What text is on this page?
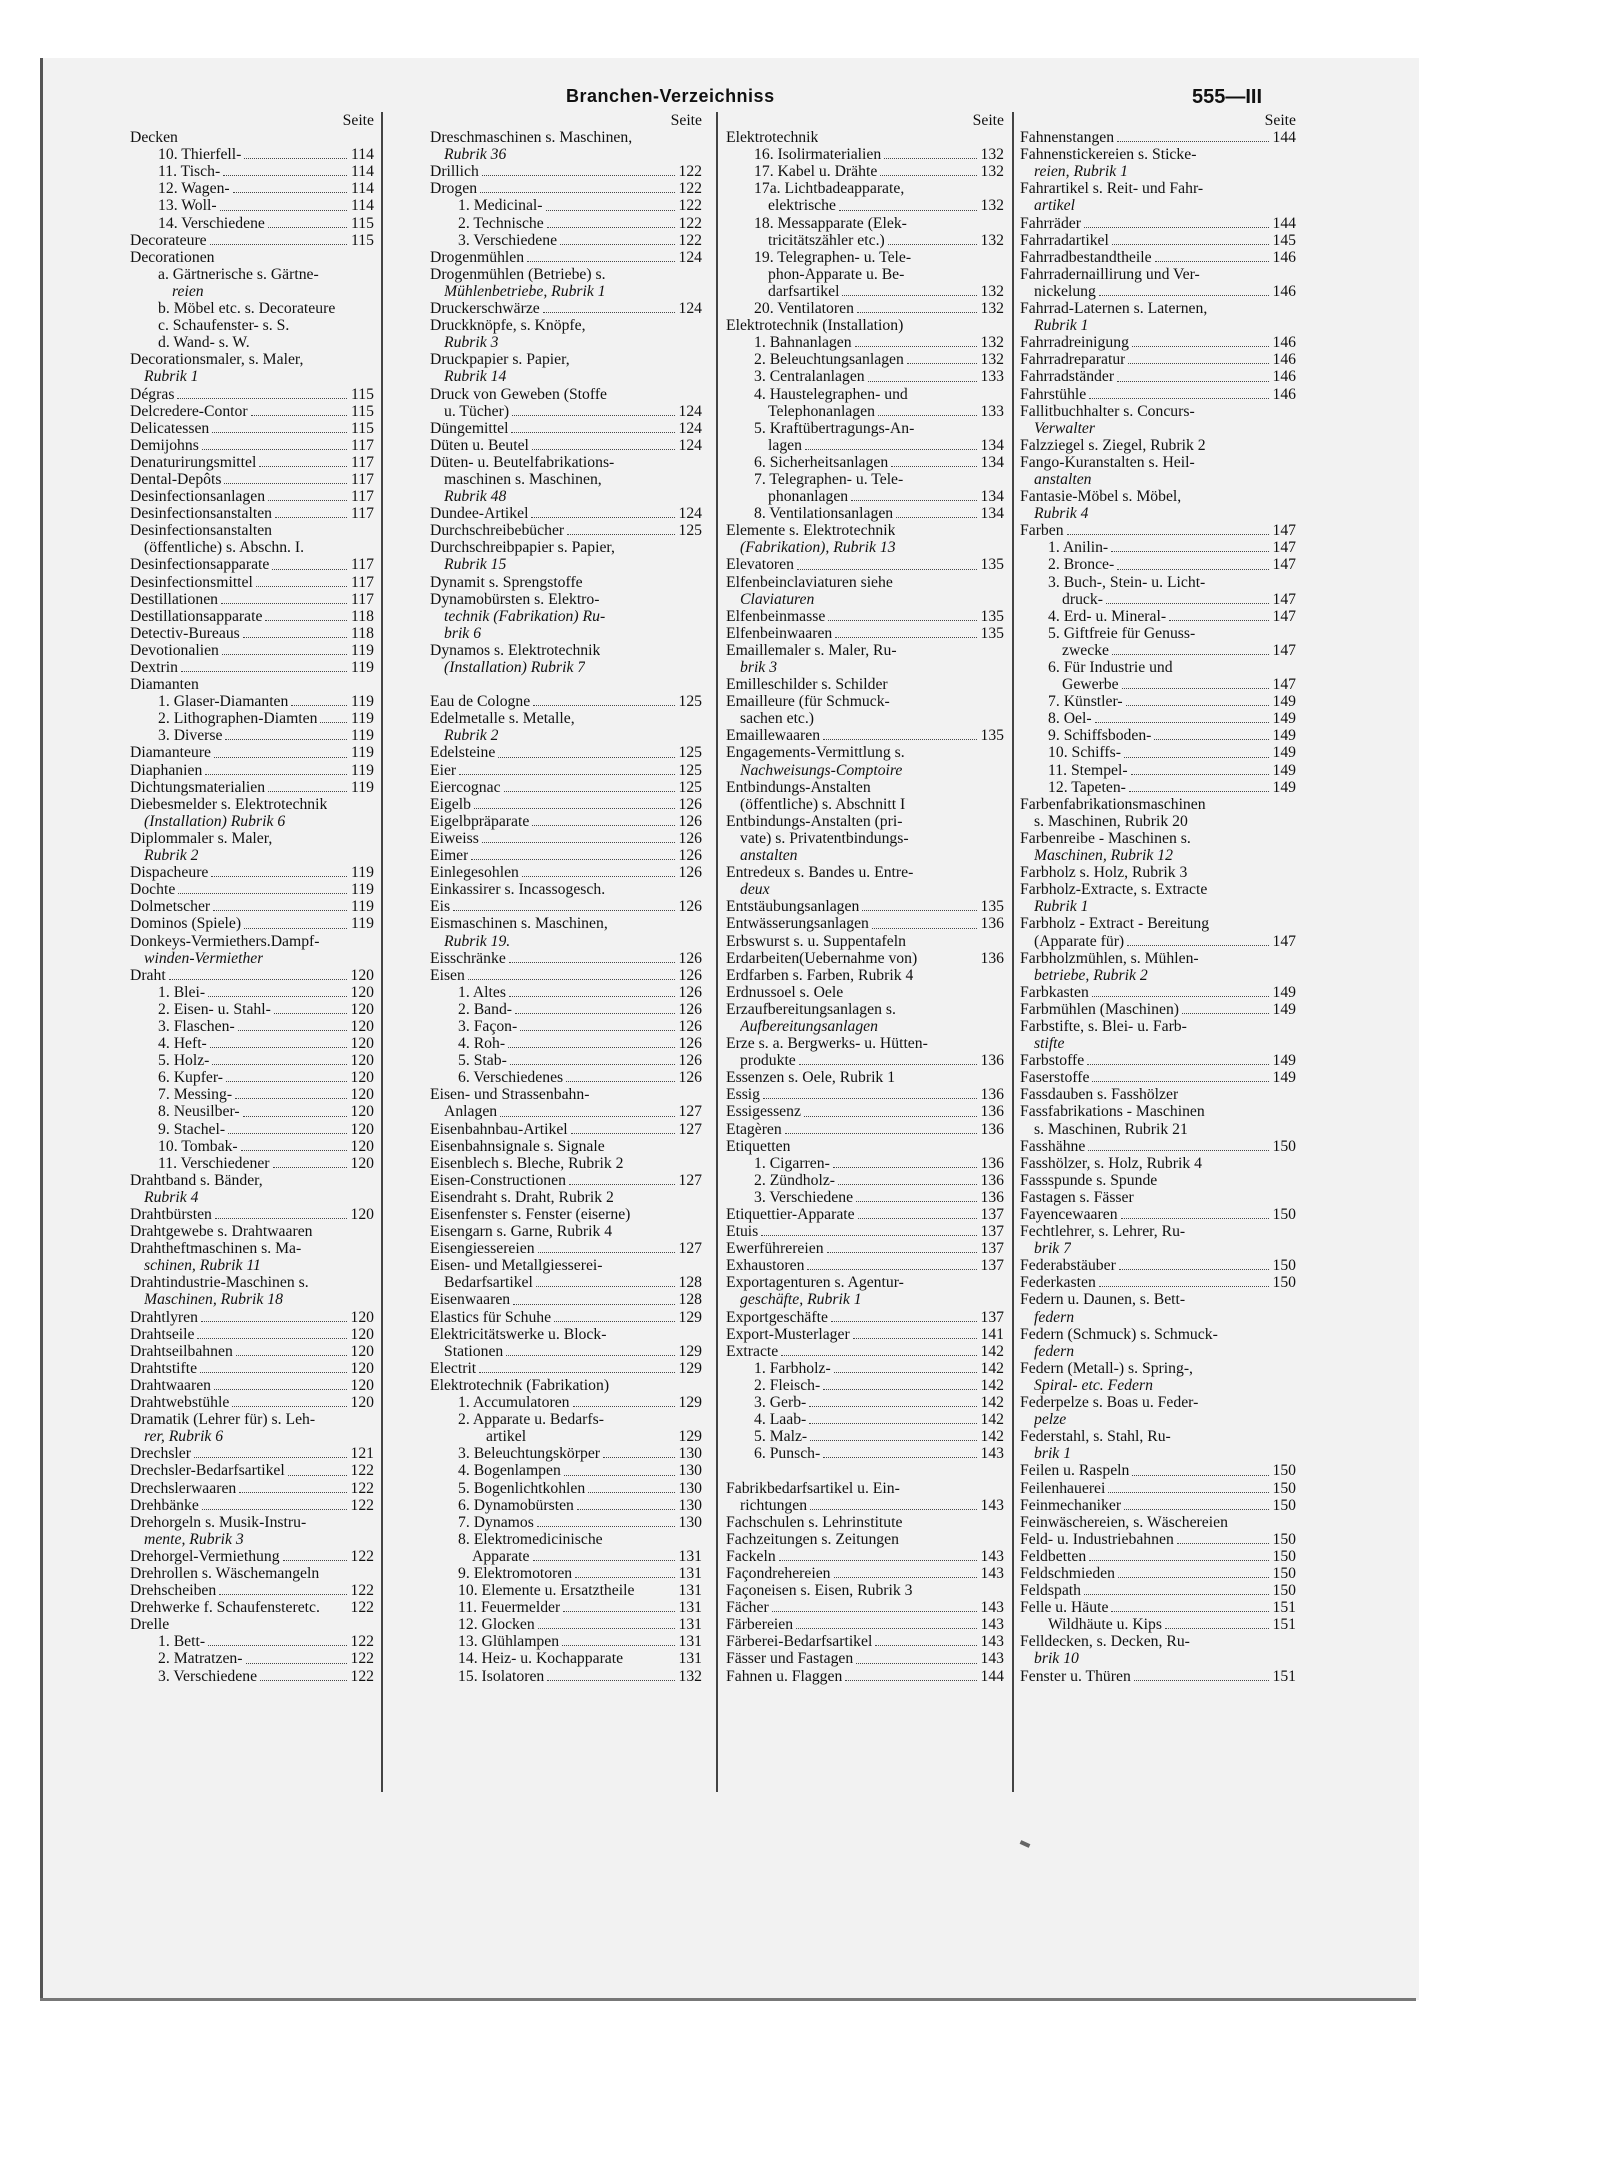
Branchen-Verzeichniss	555—III
Seite
Decken
10. Thierfell-	114
11. Tisch-	114
12. Wagen-	114
13. Woll-	114
14. Verschiedene	115
Decorateure	115
Decorationen
a. Gärtnerische s. Gärtne-
reien
b. Möbel etc. s. Decorateure
c. Schaufenster- s. S.
d. Wand- s. W.
Decorationsmaler, s. Maler,
Rubrik 1
Dégras	115
Delcredere-Contor	115
Delicatessen	115
Demijohns	117
Denaturirungsmittel	117
Dental-Depôts	117
Desinfectionsanlagen	117
Desinfectionsanstalten	117
Desinfectionsanstalten
(öffentliche) s. Abschn. I.
Desinfectionsapparate	117
Desinfectionsmittel	117
Destillationen	117
Destillationsapparate	118
Detectiv-Bureaus	118
Devotionalien	119
Dextrin	119
Diamanten
1. Glaser-Diamanten	119
2. Lithographen-Diamten 119
3. Diverse	119
Diamanteure	119
Diaphanien	119
Dichtungsmaterialien	119
Diebesmelder s. Elektrotechnik
(Installation) Rubrik 6
Diplommaler s. Maler,
Rubrik 2
Dispacheure	119
Dochte	119
Dolmetscher	119
Dominos (Spiele)	119
Donkeys-Vermiethers.Dampf-
winden-Vermiether
Draht	120
1. Blei-	120
2. Eisen- u. Stahl-	120
3. Flaschen-	120
4. Heft-	120
5. Holz-	120
6. Kupfer-	120
7. Messing-	120
8. Neusilber-	120
9. Stachel-	120
10. Tombak-	120
11. Verschiedener	120
Drahtband s. Bänder,
Rubrik 4
Drahtbürsten	120
Drahtgewebe s. Drahtwaaren
Drahtheftmaschinen s. Ma-
schinen, Rubrik 11
Drahtindustrie-Maschinen s.
Maschinen, Rubrik 18
Drahtlyren	120
Drahtseile	120
Drahtseilbahnen	120
Drahtstifte	120
Drahtwaaren	120
Drahtwebstühle	120
Dramatik (Lehrer für) s. Leh-
rer, Rubrik 6
Drechsler	121
Drechsler-Bedarfsartikel	122
Drechslerwaaren	122
Drehbänke	122
Drehorgeln s. Musik-Instru-
mente, Rubrik 3
Drehorgel-Vermiethung	122
Drehrollen s. Wäschemangeln
Drehscheiben	122
Drehwerke f. Schaufensteretc. 122
Drelle
1. Bett-	122
2. Matratzen-	122
3. Verschiedene	122
Seite
Dreschmaschinen s. Maschinen,
Rubrik 36
Drillich	122
Drogen	122
1. Medicinal-	122
2. Technische	122
3. Verschiedene	122
Drogenmühlen	124
Drogenmühlen (Betriebe) s.
Mühlenbetriebe, Rubrik 1
Druckerschwärze	124
Druckknöpfe, s. Knöpfe,
Rubrik 3
Druckpapier s. Papier,
Rubrik 14
Druck von Geweben (Stoffe
u. Tücher)	124
Düngemittel	124
Düten u. Beutel	124
Düten- u. Beutelfabrikations-
maschinen s. Maschinen,
Rubrik 48
Dundee-Artikel	124
Durchschreibebücher	125
Durchschreibpapier s. Papier,
Rubrik 15
Dynamit s. Sprengstoffe
Dynamobürsten s. Elektro-
technik (Fabrikation) Ru-
brik 6
Dynamos s. Elektrotechnik
(Installation) Rubrik 7
Eau de Cologne	125
Edelmetalle s. Metalle,
Rubrik 2
Edelsteine	125
Eier	125
Eiercognac	125
Eigelb	126
Eigelbpräparate	126
Eiweiss	126
Eimer	126
Einlegesohlen	126
Einkassirer s. Incassogesch.
Eis	126
Eismaschinen s. Maschinen,
Rubrik 19.
Eisschränke	126
Eisen	126
1. Altes	126
2. Band-	126
3. Façon-	126
4. Roh-	126
5. Stab-	126
6. Verschiedenes	126
Eisen- und Strassenbahn-
Anlagen	127
Eisenbahnbau-Artikel	127
Eisenbahnsignale s. Signale
Eisenblech s. Bleche, Rubrik 2
Eisen-Constructionen	127
Eisendraht s. Draht, Rubrik 2
Eisenfenster s. Fenster (eiserne)
Eisengarn s. Garne, Rubrik 4
Eisengiessereien	127
Eisen- und Metallgiesserei-
Bedarfsartikel	128
Eisenwaaren	128
Elastics für Schuhe	129
Elektricitätswerke u. Block-
Stationen	129
Electrit	129
Elektrotechnik (Fabrikation)
1. Accumulatoren	129
2. Apparate u. Bedarfs-
artikel	129
3. Beleuchtungskörper	130
4. Bogenlampen	130
5. Bogenlichtkohlen	130
6. Dynamobürsten	130
7. Dynamos	130
8. Elektromedicinische
Apparate	131
9. Elektromotoren	131
10. Elemente u. Ersatztheile	131
11. Feuermelder	131
12. Glocken	131
13. Glühlampen	131
14. Heiz- u. Kochapparate	131
15. Isolatoren	132
Seite
Elektrotechnik
16. Isolirmaterialien	132
17. Kabel u. Drähte	132
17a. Lichtbadeapparate,
elektrische	132
18. Messapparate (Elek-
tricitätszähler etc.)	132
19. Telegraphen- u. Tele-
phon-Apparate u. Be-
darfsartikel	132
20. Ventilatoren	132
Elektrotechnik (Installation)
1. Bahnanlagen	132
2. Beleuchtungsanlagen	132
3. Centralanlagen	133
4. Haustelegraphen- und
Telephonanlagen	133
5. Kraftübertragungs-An-
lagen	134
6. Sicherheitsanlagen	134
7. Telegraphen- u. Tele-
phonanlagen	134
8. Ventilationsanlagen	134
Elemente s. Elektrotechnik
(Fabrikation), Rubrik 13
Elevatoren	135
Elfenbeinclaviaturen siehe
Claviaturen
Elfenbeinmasse	135
Elfenbeinwaaren	135
Emaillemaler s. Maler, Ru-
brik 3
Emilleschilder s. Schilder
Emailleure (für Schmuck-
sachen etc.)
Emaillewaaren	135
Engagements-Vermittlung s.
Nachweisungs-Comptoire
Entbindungs-Anstalten
(öffentliche) s. Abschnitt I
Entbindungs-Anstalten (pri-
vate) s. Privatentbindungs-
anstalten
Entredeux s. Bandes u. Entre-
deux
Entstäubungsanlagen	135
Entwässerungsanlagen	136
Erbswurst s. u. Suppentafeln
Erdarbeiten(Uebernahme von)	136
Erdfarben s. Farben, Rubrik 4
Erdnussoel s. Oele
Erzaufbereitungsanlagen s.
Aufbereitungsanlagen
Erze s. a. Bergwerks- u. Hütten-
produkte	136
Essenzen s. Oele, Rubrik 1
Essig	136
Essigessenz	136
Etagèren	136
Etiquetten
1. Cigarren-	136
2. Zündholz-	136
3. Verschiedene	136
Etiquettier-Apparate	137
Etuis	137
Ewerführereien	137
Exhaustoren	137
Exportagenturen s. Agentur-
geschäfte, Rubrik 1
Exportgeschäfte	137
Export-Musterlager	141
Extracte	142
1. Farbholz-	142
2. Fleisch-	142
3. Gerb-	142
4. Laab-	142
5. Malz-	142
6. Punsch-	143
Fabrikbedarfsartikel u. Ein-
richtungen	143
Fachschulen s. Lehrinstitute
Fachzeitungen s. Zeitungen
Fackeln	143
Façondrehereien	143
Façoneisen s. Eisen, Rubrik 3
Fächer	143
Färbereien	143
Färberei-Bedarfsartikel	143
Fässer und Fastagen	143
Fahnen u. Flaggen	144
Seite
Fahnenstangen	144
Fahnenstickereien s. Sticke-
reien, Rubrik 1
Fahrartikel s. Reit- und Fahr-
artikel
Fahrräder	144
Fahrradartikel	145
Fahrradbestandtheile	146
Fahrradernaillirung und Ver-
nickelung	146
Fahrrad-Laternen s. Laternen,
Rubrik 1
Fahrradreinigung	146
Fahrradreparatur	146
Fahrradständer	146
Fahrstühle	146
Fallitbuchhalter s. Concurs-
Verwalter
Falzziegel s. Ziegel, Rubrik 2
Fango-Kuranstalten s. Heil-
anstalten
Fantasie-Möbel s. Möbel,
Rubrik 4
Farben	147
1. Anilin-	147
2. Bronce-	147
3. Buch-, Stein- u. Licht-
druck-	147
4. Erd- u. Mineral-	147
5. Giftfreie für Genuss-
zwecke	147
6. Für Industrie und
Gewerbe	147
7. Künstler-	149
8. Oel-	149
9. Schiffsboden-	149
10. Schiffs-	149
11. Stempel-	149
12. Tapeten-	149
Farbenfabrikationsmaschinen
s. Maschinen, Rubrik 20
Farbenreibe - Maschinen s.
Maschinen, Rubrik 12
Farbholz s. Holz, Rubrik 3
Farbholz-Extracte, s. Extracte
Rubrik 1
Farbholz - Extract - Bereitung
(Apparate für)	147
Farbholzmühlen, s. Mühlen-
betriebe, Rubrik 2
Farbkasten	149
Farbmühlen (Maschinen)	149
Farbstifte, s. Blei- u. Farb-
stifte
Farbstoffe	149
Faserstoffe	149
Fassdauben s. Fasshölzer
Fassfabrikations - Maschinen
s. Maschinen, Rubrik 21
Fasshähne	150
Fasshölzer, s. Holz, Rubrik 4
Fassspunde s. Spunde
Fastagen s. Fässer
Fayencewaaren	150
Fechtlehrer, s. Lehrer, Ru-
brik 7
Federabstäuber	150
Federkasten	150
Federn u. Daunen, s. Bett-
federn
Federn (Schmuck) s. Schmuck-
federn
Federn (Metall-) s. Spring-,
Spiral- etc. Federn
Federpelze s. Boas u. Feder-
pelze
Federstahl, s. Stahl, Ru-
brik 1
Feilen u. Raspeln	150
Feilenhauerei	150
Feinmechaniker	150
Feinwäschereien, s. Wäschereien
Feld- u. Industriebahnen	150
Feldbetten	150
Feldschmieden	150
Feldspath	150
Felle u. Häute	151
Wildhäute u. Kips	151
Felldecken, s. Decken, Ru-
brik 10
Fenster u. Thüren	151
